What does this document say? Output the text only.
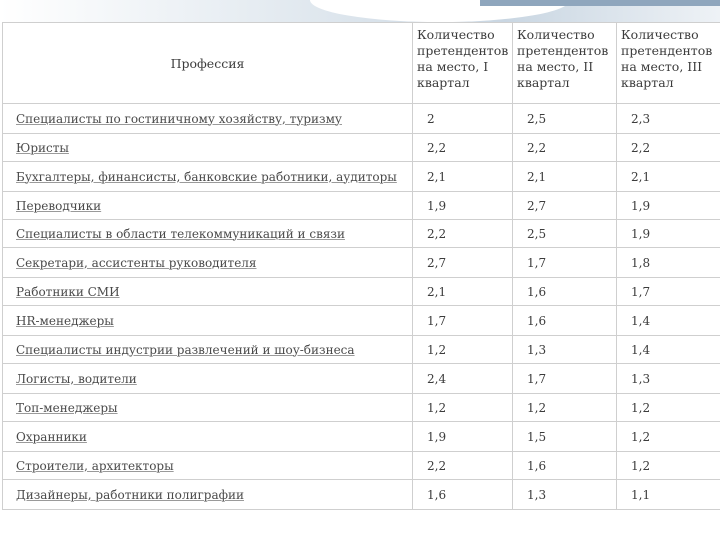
Профессия	Количество претендентов на место, I квартал	Количество претендентов на место, II квартал	Количество претендентов на место, III квартал
Специалисты по гостиничному хозяйству, туризму	2	2,5	2,3
Юристы	2,2	2,2	2,2
Бухгалтеры, финансисты, банковские работники, аудиторы	2,1	2,1	2,1
Переводчики	1,9	2,7	1,9
Специалисты в области телекоммуникаций и связи	2,2	2,5	1,9
Секретари, ассистенты руководителя	2,7	1,7	1,8
Работники СМИ	2,1	1,6	1,7
HR-менеджеры	1,7	1,6	1,4
Специалисты индустрии развлечений и шоу-бизнеса	1,2	1,3	1,4
Логисты, водители	2,4	1,7	1,3
Топ-менеджеры	1,2	1,2	1,2
Охранники	1,9	1,5	1,2
Строители, архитекторы	2,2	1,6	1,2
Дизайнеры, работники полиграфии	1,6	1,3	1,1
